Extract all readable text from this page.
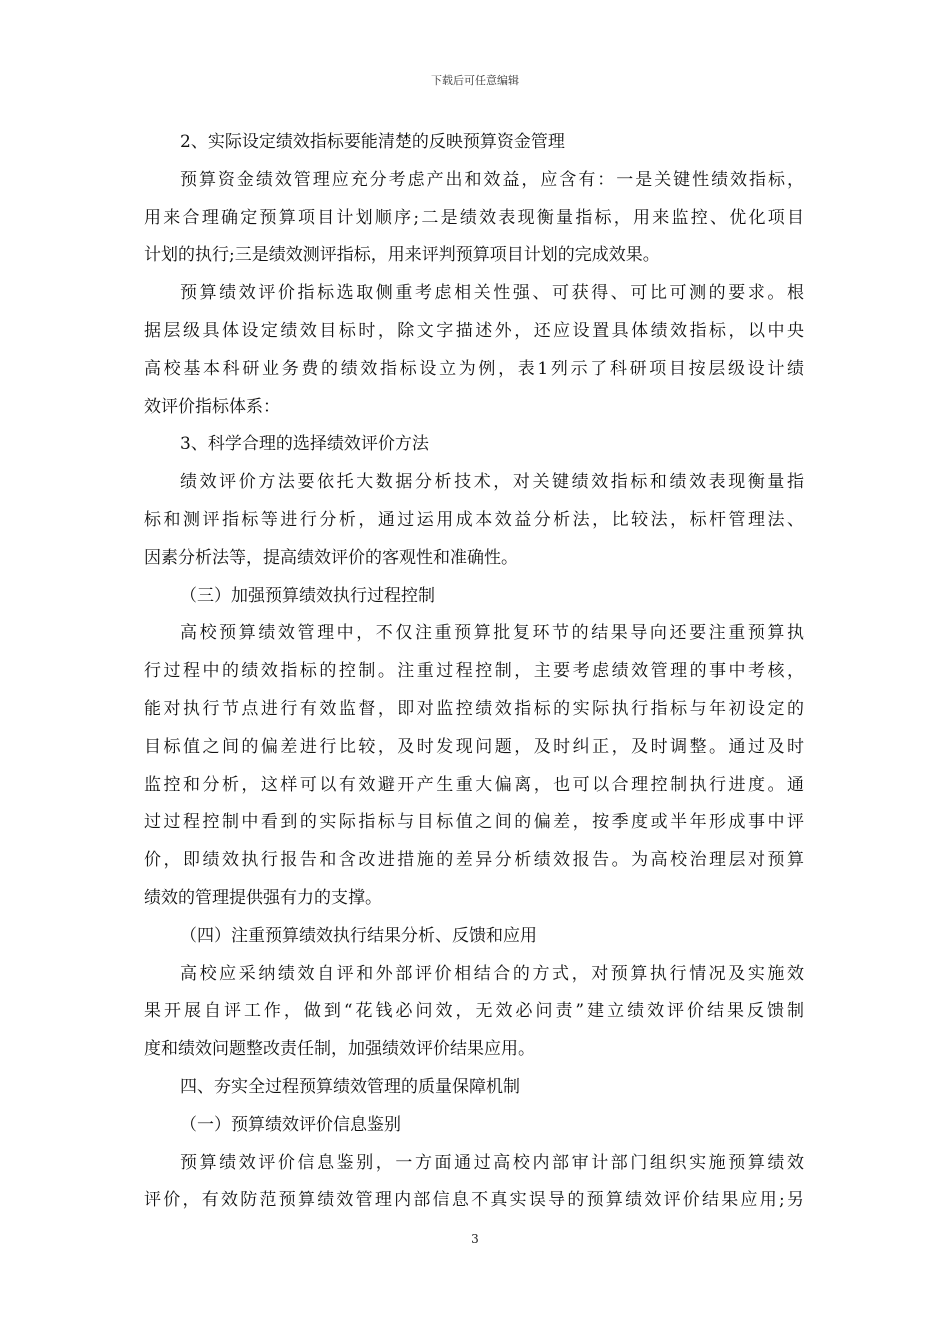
下载后可任意编辑
2、实际设定绩效指标要能清楚的反映预算资金管理
预算资金绩效管理应充分考虑产出和效益，应含有：一是关键性绩效指标，
用来合理确定预算项目计划顺序;二是绩效表现衡量指标，用来监控、优化项目
计划的执行;三是绩效测评指标，用来评判预算项目计划的完成效果。
预算绩效评价指标选取侧重考虑相关性强、可获得、可比可测的要求。根
据层级具体设定绩效目标时，除文字描述外，还应设置具体绩效指标，以中央
高校基本科研业务费的绩效指标设立为例，表1列示了科研项目按层级设计绩
效评价指标体系：
3、科学合理的选择绩效评价方法
绩效评价方法要依托大数据分析技术，对关键绩效指标和绩效表现衡量指
标和测评指标等进行分析，通过运用成本效益分析法，比较法，标杆管理法、
因素分析法等，提高绩效评价的客观性和准确性。
（三）加强预算绩效执行过程控制
高校预算绩效管理中，不仅注重预算批复环节的结果导向还要注重预算执
行过程中的绩效指标的控制。注重过程控制，主要考虑绩效管理的事中考核，
能对执行节点进行有效监督，即对监控绩效指标的实际执行指标与年初设定的
目标值之间的偏差进行比较，及时发现问题，及时纠正，及时调整。通过及时
监控和分析，这样可以有效避开产生重大偏离，也可以合理控制执行进度。通
过过程控制中看到的实际指标与目标值之间的偏差，按季度或半年形成事中评
价，即绩效执行报告和含改进措施的差异分析绩效报告。为高校治理层对预算
绩效的管理提供强有力的支撑。
（四）注重预算绩效执行结果分析、反馈和应用
高校应采纳绩效自评和外部评价相结合的方式，对预算执行情况及实施效
果开展自评工作，做到“花钱必问效，无效必问责”建立绩效评价结果反馈制
度和绩效问题整改责任制，加强绩效评价结果应用。
四、夯实全过程预算绩效管理的质量保障机制
（一）预算绩效评价信息鉴别
预算绩效评价信息鉴别，一方面通过高校内部审计部门组织实施预算绩效
评价，有效防范预算绩效管理内部信息不真实误导的预算绩效评价结果应用;另
3
